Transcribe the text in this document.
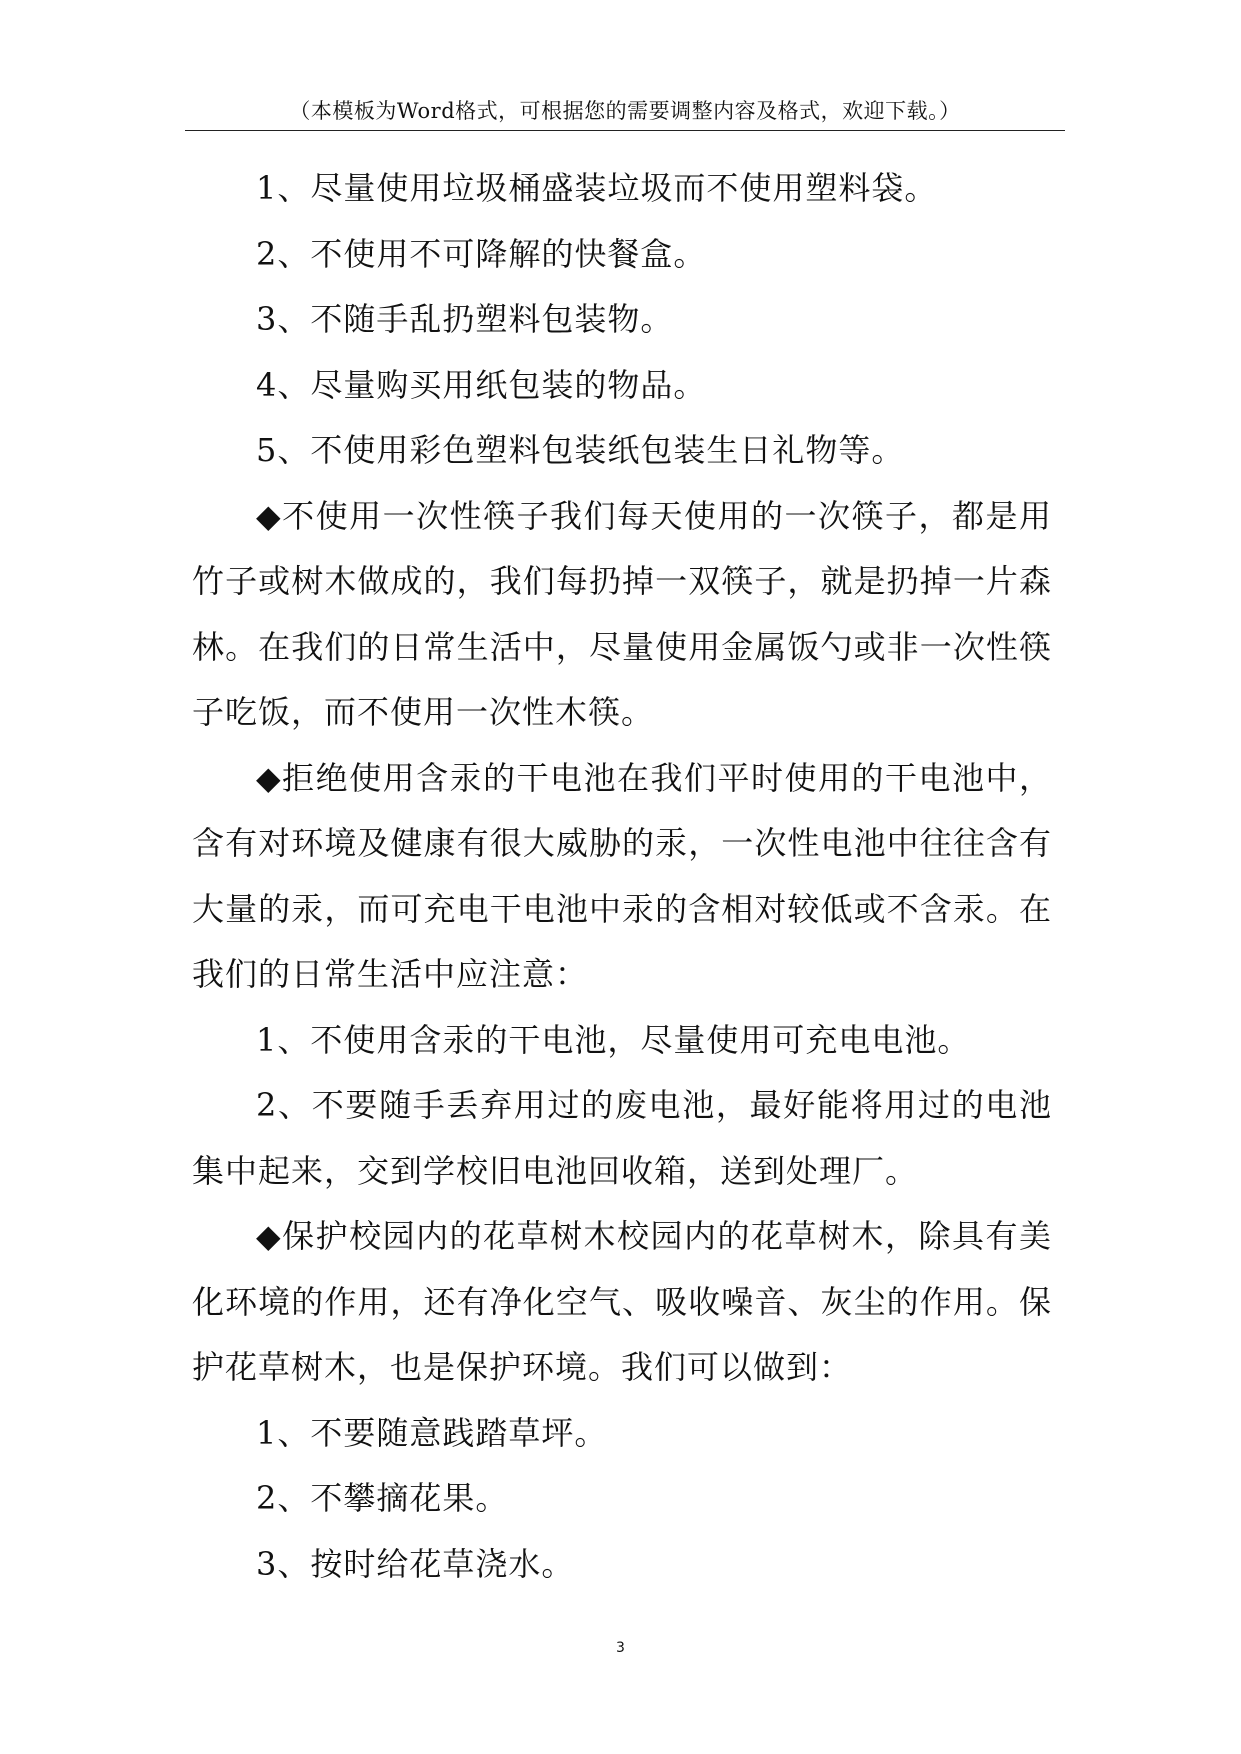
（本模板为Word格式，可根据您的需要调整内容及格式，欢迎下载。）

1、尽量使用垃圾桶盛装垃圾而不使用塑料袋。

2、不使用不可降解的快餐盒。

3、不随手乱扔塑料包装物。

4、尽量购买用纸包装的物品。

5、不使用彩色塑料包装纸包装生日礼物等。

◆不使用一次性筷子我们每天使用的一次筷子，都是用竹子或树木做成的，我们每扔掉一双筷子，就是扔掉一片森林。在我们的日常生活中，尽量使用金属饭勺或非一次性筷子吃饭，而不使用一次性木筷。

◆拒绝使用含汞的干电池在我们平时使用的干电池中，含有对环境及健康有很大威胁的汞，一次性电池中往往含有大量的汞，而可充电干电池中汞的含相对较低或不含汞。在我们的日常生活中应注意：

1、不使用含汞的干电池，尽量使用可充电电池。

2、不要随手丢弃用过的废电池，最好能将用过的电池集中起来，交到学校旧电池回收箱，送到处理厂。

◆保护校园内的花草树木校园内的花草树木，除具有美化环境的作用，还有净化空气、吸收噪音、灰尘的作用。保护花草树木，也是保护环境。我们可以做到：

1、不要随意践踏草坪。

2、不攀摘花果。

3、按时给花草浇水。

3
